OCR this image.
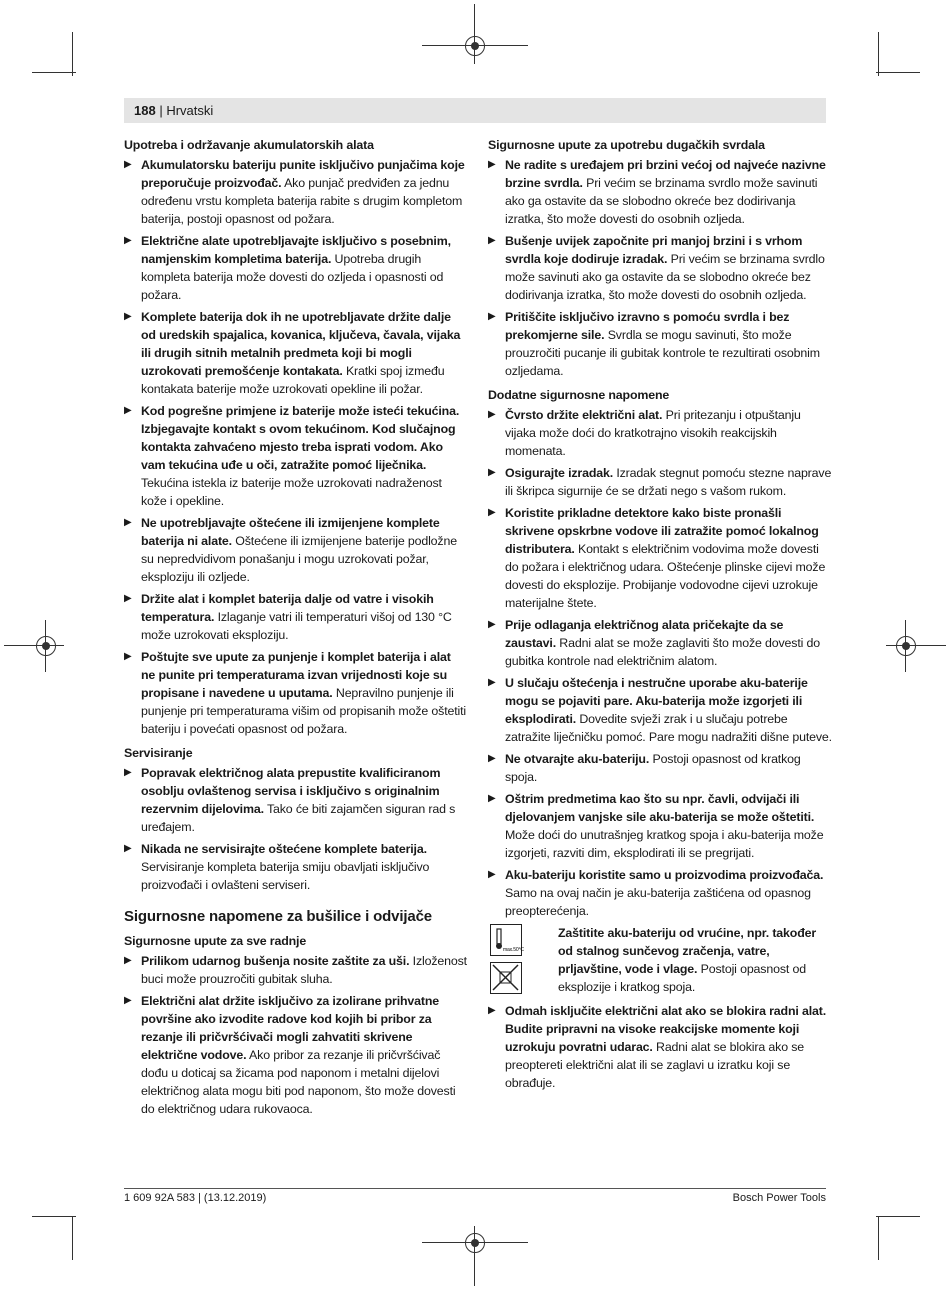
188 | Hrvatski
Upotreba i održavanje akumulatorskih alata
▶ Akumulatorsku bateriju punite isključivo punjačima koje preporučuje proizvođač. Ako punjač predviđen za jednu određenu vrstu kompleta baterija rabite s drugim kompletom baterija, postoji opasnost od požara.
▶ Električne alate upotrebljavajte isključivo s posebnim, namjenskim kompletima baterija. Upotreba drugih kompleta baterija može dovesti do ozljeda i opasnosti od požara.
▶ Komplete baterija dok ih ne upotrebljavate držite dalje od uredskih spajalica, kovanica, ključeva, čavala, vijaka ili drugih sitnih metalnih predmeta koji bi mogli uzrokovati premošćenje kontakata. Kratki spoj između kontakata baterije može uzrokovati opekline ili požar.
▶ Kod pogrešne primjene iz baterije može isteći tekućina. Izbjegavajte kontakt s ovom tekućinom. Kod slučajnog kontakta zahvaćeno mjesto treba isprati vodom. Ako vam tekućina uđe u oči, zatražite pomoć liječnika. Tekućina istekla iz baterije može uzrokovati nadraženost kože i opekline.
▶ Ne upotrebljavajte oštećene ili izmijenjene komplete baterija ni alate. Oštećene ili izmijenjene baterije podložne su nepredvidivom ponašanju i mogu uzrokovati požar, eksploziju ili ozljede.
▶ Držite alat i komplet baterija dalje od vatre i visokih temperatura. Izlaganje vatri ili temperaturi višoj od 130 °C može uzrokovati eksploziju.
▶ Poštujte sve upute za punjenje i komplet baterija i alat ne punite pri temperaturama izvan vrijednosti koje su propisane i navedene u uputama. Nepravilno punjenje ili punjenje pri temperaturama višim od propisanih može oštetiti bateriju i povećati opasnost od požara.
Servisiranje
▶ Popravak električnog alata prepustite kvalificiranom osoblju ovlaštenog servisa i isključivo s originalnim rezervnim dijelovima. Tako će biti zajamčen siguran rad s uređajem.
▶ Nikada ne servisirajte oštećene komplete baterija. Servisiranje kompleta baterija smiju obavljati isključivo proizvođači i ovlašteni serviseri.
Sigurnosne napomene za bušilice i odvijače
Sigurnosne upute za sve radnje
▶ Prilikom udarnog bušenja nosite zaštite za uši. Izloženost buci može prouzročiti gubitak sluha.
▶ Električni alat držite isključivo za izolirane prihvatne površine ako izvodite radove kod kojih bi pribor za rezanje ili pričvršćivači mogli zahvatiti skrivene električne vodove. Ako pribor za rezanje ili pričvršćivač dođu u doticaj sa žicama pod naponom i metalni dijelovi električnog alata mogu biti pod naponom, što može dovesti do električnog udara rukovaoca.
Sigurnosne upute za upotrebu dugačkih svrdala
▶ Ne radite s uređajem pri brzini većoj od najveće nazivne brzine svrdla. Pri većim se brzinama svrdlo može savinuti ako ga ostavite da se slobodno okreće bez dodirivanja izratka, što može dovesti do osobnih ozljeda.
▶ Bušenje uvijek započnite pri manjoj brzini i s vrhom svrdla koje dodiruje izradak. Pri većim se brzinama svrdlo može savinuti ako ga ostavite da se slobodno okreće bez dodirivanja izratka, što može dovesti do osobnih ozljeda.
▶ Pritiščite isključivo izravno s pomoću svrdla i bez prekomjerne sile. Svrdla se mogu savinuti, što može prouzročiti pucanje ili gubitak kontrole te rezultirati osobnim ozljedama.
Dodatne sigurnosne napomene
▶ Čvrsto držite električni alat. Pri pritezanju i otpuštanju vijaka može doći do kratkotrajno visokih reakcijskih momenata.
▶ Osigurajte izradak. Izradak stegnut pomoću stezne naprave ili škripca sigurnije će se držati nego s vašom rukom.
▶ Koristite prikladne detektore kako biste pronašli skrivene opskrbne vodove ili zatražite pomoć lokalnog distributera. Kontakt s električnim vodovima može dovesti do požara i električnog udara. Oštećenje plinske cijevi može dovesti do eksplozije. Probijanje vodovodne cijevi uzrokuje materijalne štete.
▶ Prije odlaganja električnog alata pričekajte da se zaustavi. Radni alat se može zaglaviti što može dovesti do gubitka kontrole nad električnim alatom.
▶ U slučaju oštećenja i nestručne uporabe aku-baterije mogu se pojaviti pare. Aku-baterija može izgorjeti ili eksplodirati. Dovedite svježi zrak i u slučaju potrebe zatražite liječničku pomoć. Pare mogu nadražiti dišne puteve.
▶ Ne otvarajte aku-bateriju. Postoji opasnost od kratkog spoja.
▶ Oštrim predmetima kao što su npr. čavli, odvijači ili djelovanjem vanjske sile aku-baterija se može oštetiti. Može doći do unutrašnjeg kratkog spoja i aku-baterija može izgorjeti, razviti dim, eksplodirati ili se pregrijati.
▶ Aku-bateriju koristite samo u proizvodima proizvođača. Samo na ovaj način je aku-baterija zaštićena od opasnog preopterećenja.
max.50°C
Zaštitite aku-bateriju od vrućine, npr. također od stalnog sunčevog zračenja, vatre, prljavštine, vode i vlage. Postoji opasnost od eksplozije i kratkog spoja.
▶ Odmah isključite električni alat ako se blokira radni alat. Budite pripravni na visoke reakcijske momente koji uzrokuju povratni udarac. Radni alat se blokira ako se preoptereti električni alat ili se zaglavi u izratku koji se obrađuje.
1 609 92A 583 | (13.12.2019)	Bosch Power Tools
